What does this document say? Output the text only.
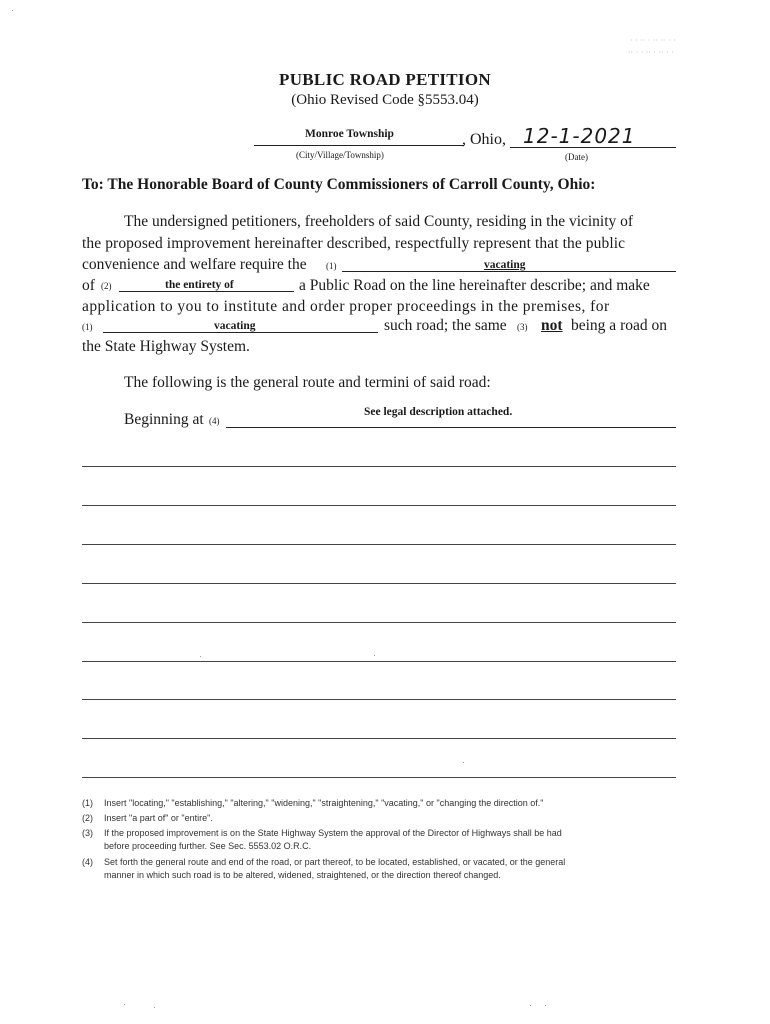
· · ·· · ·· ·· · ·
·· · · ·· · ·· · ·
PUBLIC ROAD PETITION
(Ohio Revised Code §5553.04)
Monroe Township	, Ohio, 12-1-2021
(City/Village/Township)	(Date)
To: The Honorable Board of County Commissioners of Carroll County, Ohio:
The undersigned petitioners, freeholders of said County, residing in the vicinity of
the proposed improvement hereinafter described, respectfully represent that the public
convenience and welfare require the (1)	vacating
of (2)	the entirety of	a Public Road on the line hereinafter describe; and make
application to you to institute and order proper proceedings in the premises, for
(1)	vacating	such road; the same (3) not being a road on
the State Highway System.
The following is the general route and termini of said road:
Beginning at (4)
See legal description attached.
(1) Insert "locating," "establishing," "altering," "widening," "straightening," "vacating," or "changing the direction of."
(2) Insert "a part of" or "entire".
(3) If the proposed improvement is on the State Highway System the approval of the Director of Highways shall be had
before proceeding further. See Sec. 5553.02 O.R.C.
(4) Set forth the general route and end of the road, or part thereof, to be located, established, or vacated, or the general
manner in which such road is to be altered, widened, straightened, or the direction thereof changed.
